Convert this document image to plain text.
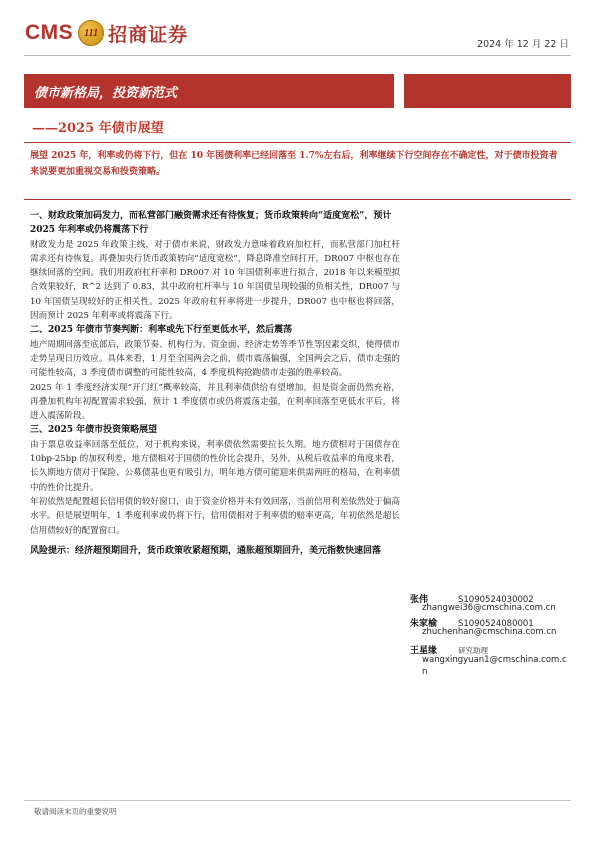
CMS	111 招商证券	2024 年 12 月 22 日
债市新格局，投资新范式
——2025 年债市展望
展望 2025 年，利率或仍将下行，但在 10 年国债利率已经回落至 1.7%左右后，利率继续下行空间存在不确定性，对于债市投资者来说要更加重视交易和投资策略。

一、财政政策加码发力，而私营部门融资需求还有待恢复；货币政策转向“适度宽松”，预计 2025 年利率或仍将震荡下行

财政发力是 2025 年政策主线，对于债市来说，财政发力意味着政府加杠杆，而私营部门加杠杆需求还有待恢复。再叠加央行货币政策转向“适度宽松”，降息降准空间打开，DR007 中枢也存在继续回落的空间。我们用政府杠杆率和 DR007 对 10 年国债利率进行拟合，2018 年以来模型拟合效果较好，R^2 达到了 0.83，其中政府杠杆率与 10 年国债呈现较强的负相关性，DR007 与 10 年国债呈现较好的正相关性。2025 年政府杠杆率将进一步提升，DR007 也中枢也将回落，因而预计 2025 年利率或将震荡下行。

二、2025 年债市节奏判断：利率或先下行至更低水平，然后震荡

地产周期回落至底部后，政策节奏、机构行为、资金面、经济走势等季节性等因素交织，使得债市走势呈现日历效应。具体来看，1 月至全国两会之前，债市震荡偏强，全国两会之后，债市走强的可能性较高，3 季度债市调整的可能性较高，4 季度机构抢跑债市走强的胜率较高。

2025 年 1 季度经济实现“开门红”概率较高，并且利率债供给有望增加，但是资金面仍然充裕，再叠加机构年初配置需求较强，预计 1 季度债市或仍将震荡走强，在利率回落至更低水平后，将进入震荡阶段。

三、2025 年债市投资策略展望

由于票息收益率回落至低位，对于机构来说，利率债依然需要拉长久期。地方债相对于国债存在 10bp-25bp 的加权利差，地方债相对于国债的性价比会提升，另外，从税后收益率的角度来看，长久期地方债对于保险、公募债基也更有吸引力，明年地方债可能迎来供需两旺的格局，在利率债中的性价比提升。

年初依然是配置超长信用债的较好窗口，由于资金价格并未有效回落，当前信用利差依然处于偏高水平。但是展望明年，1 季度利率或仍将下行，信用债相对于利率债的赔率更高，年初依然是超长信用债较好的配置窗口。

风险提示：经济超预期回升，货币政策收紧超预期，通胀超预期回升，美元指数快速回落

张伟	S1090524030002
zhangwei36@cmschina.com.cn
朱家榆	S1090524080001
zhuchenhan@cmschina.com.cn
王星缘	研究助理
wangxingyuan1@cmschina.com.cn
敬请阅读末页的重要说明
